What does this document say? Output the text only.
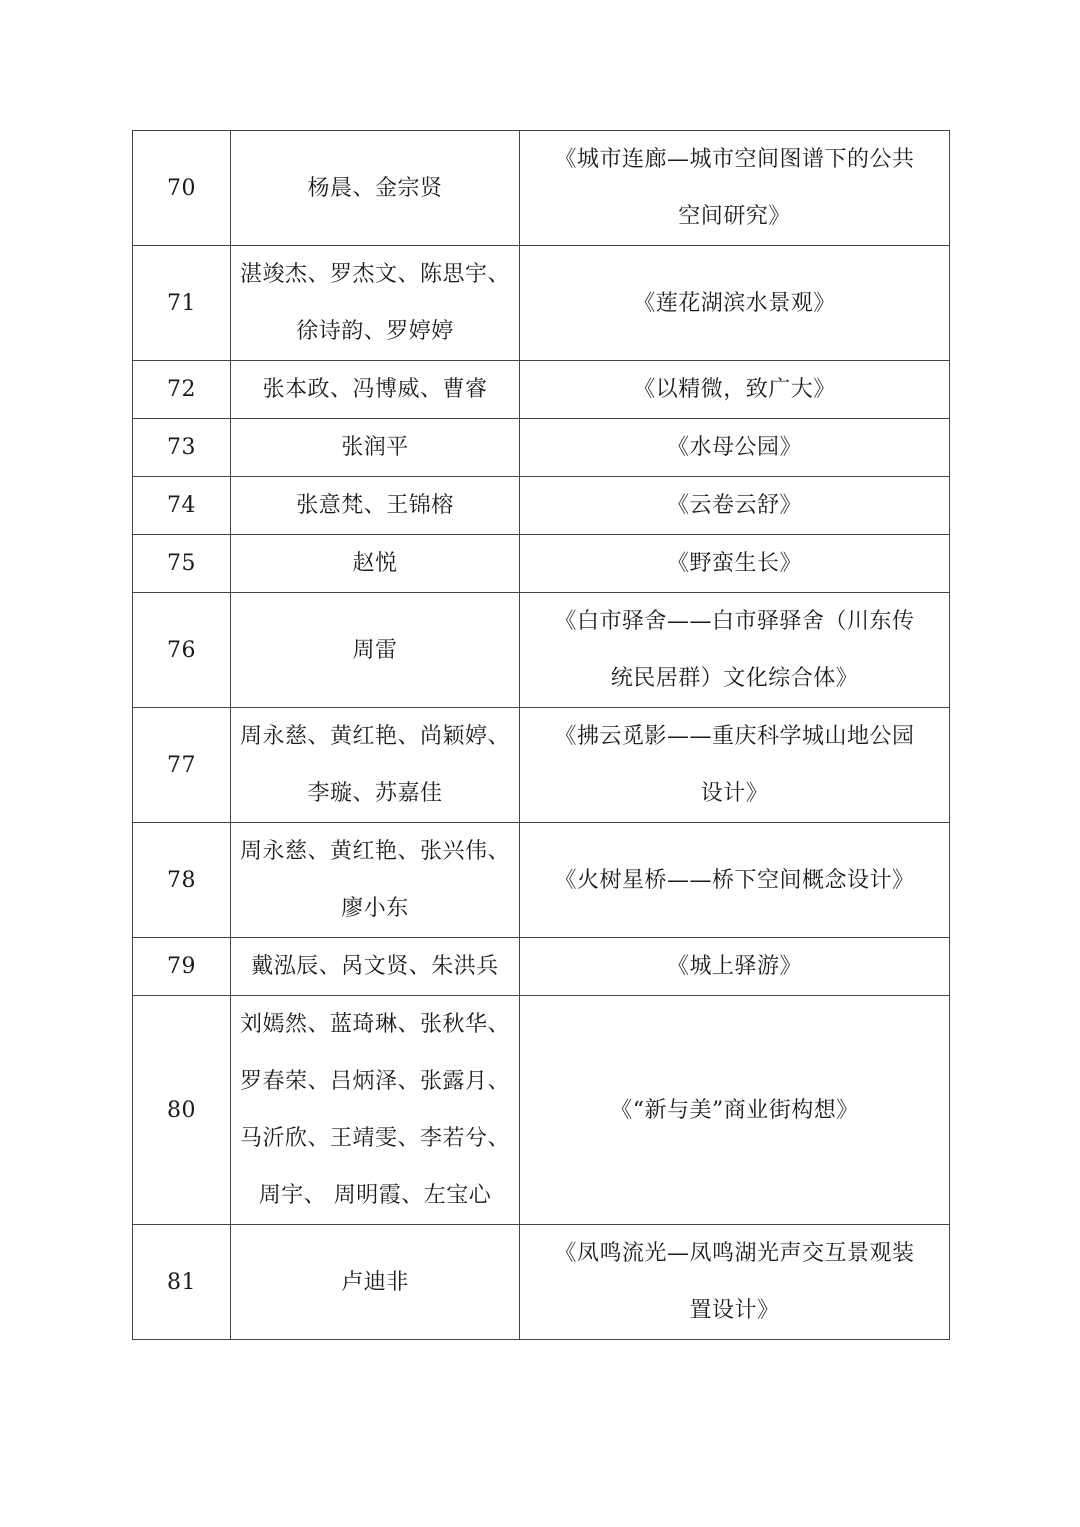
70	杨晨、金宗贤	《城市连廊—城市空间图谱下的公共
空间研究》

71	湛竣杰、罗杰文、陈思宇、
徐诗韵、罗婷婷	《莲花湖滨水景观》

72	张本政、冯博威、曹睿	《以精微，致广大》

73	张润平	《水母公园》

74	张意梵、王锦榕	《云卷云舒》

75	赵悦	《野蛮生长》

76	周雷	《白市驿舍——白市驿驿舍（川东传
统民居群）文化综合体》

77	周永慈、黄红艳、尚颖婷、
李璇、苏嘉佳	《拂云觅影——重庆科学城山地公园
设计》

78	周永慈、黄红艳、张兴伟、
廖小东	《火树星桥——桥下空间概念设计》

79	戴泓辰、呙文贤、朱洪兵	《城上驿游》

80	刘嫣然、蓝琦琳、张秋华、
罗春荣、吕炳泽、张露月、
马沂欣、王靖雯、李若兮、
周宇、 周明霞、左宝心	《“新与美”商业街构想》

81	卢迪非	《凤鸣流光—凤鸣湖光声交互景观装
置设计》
